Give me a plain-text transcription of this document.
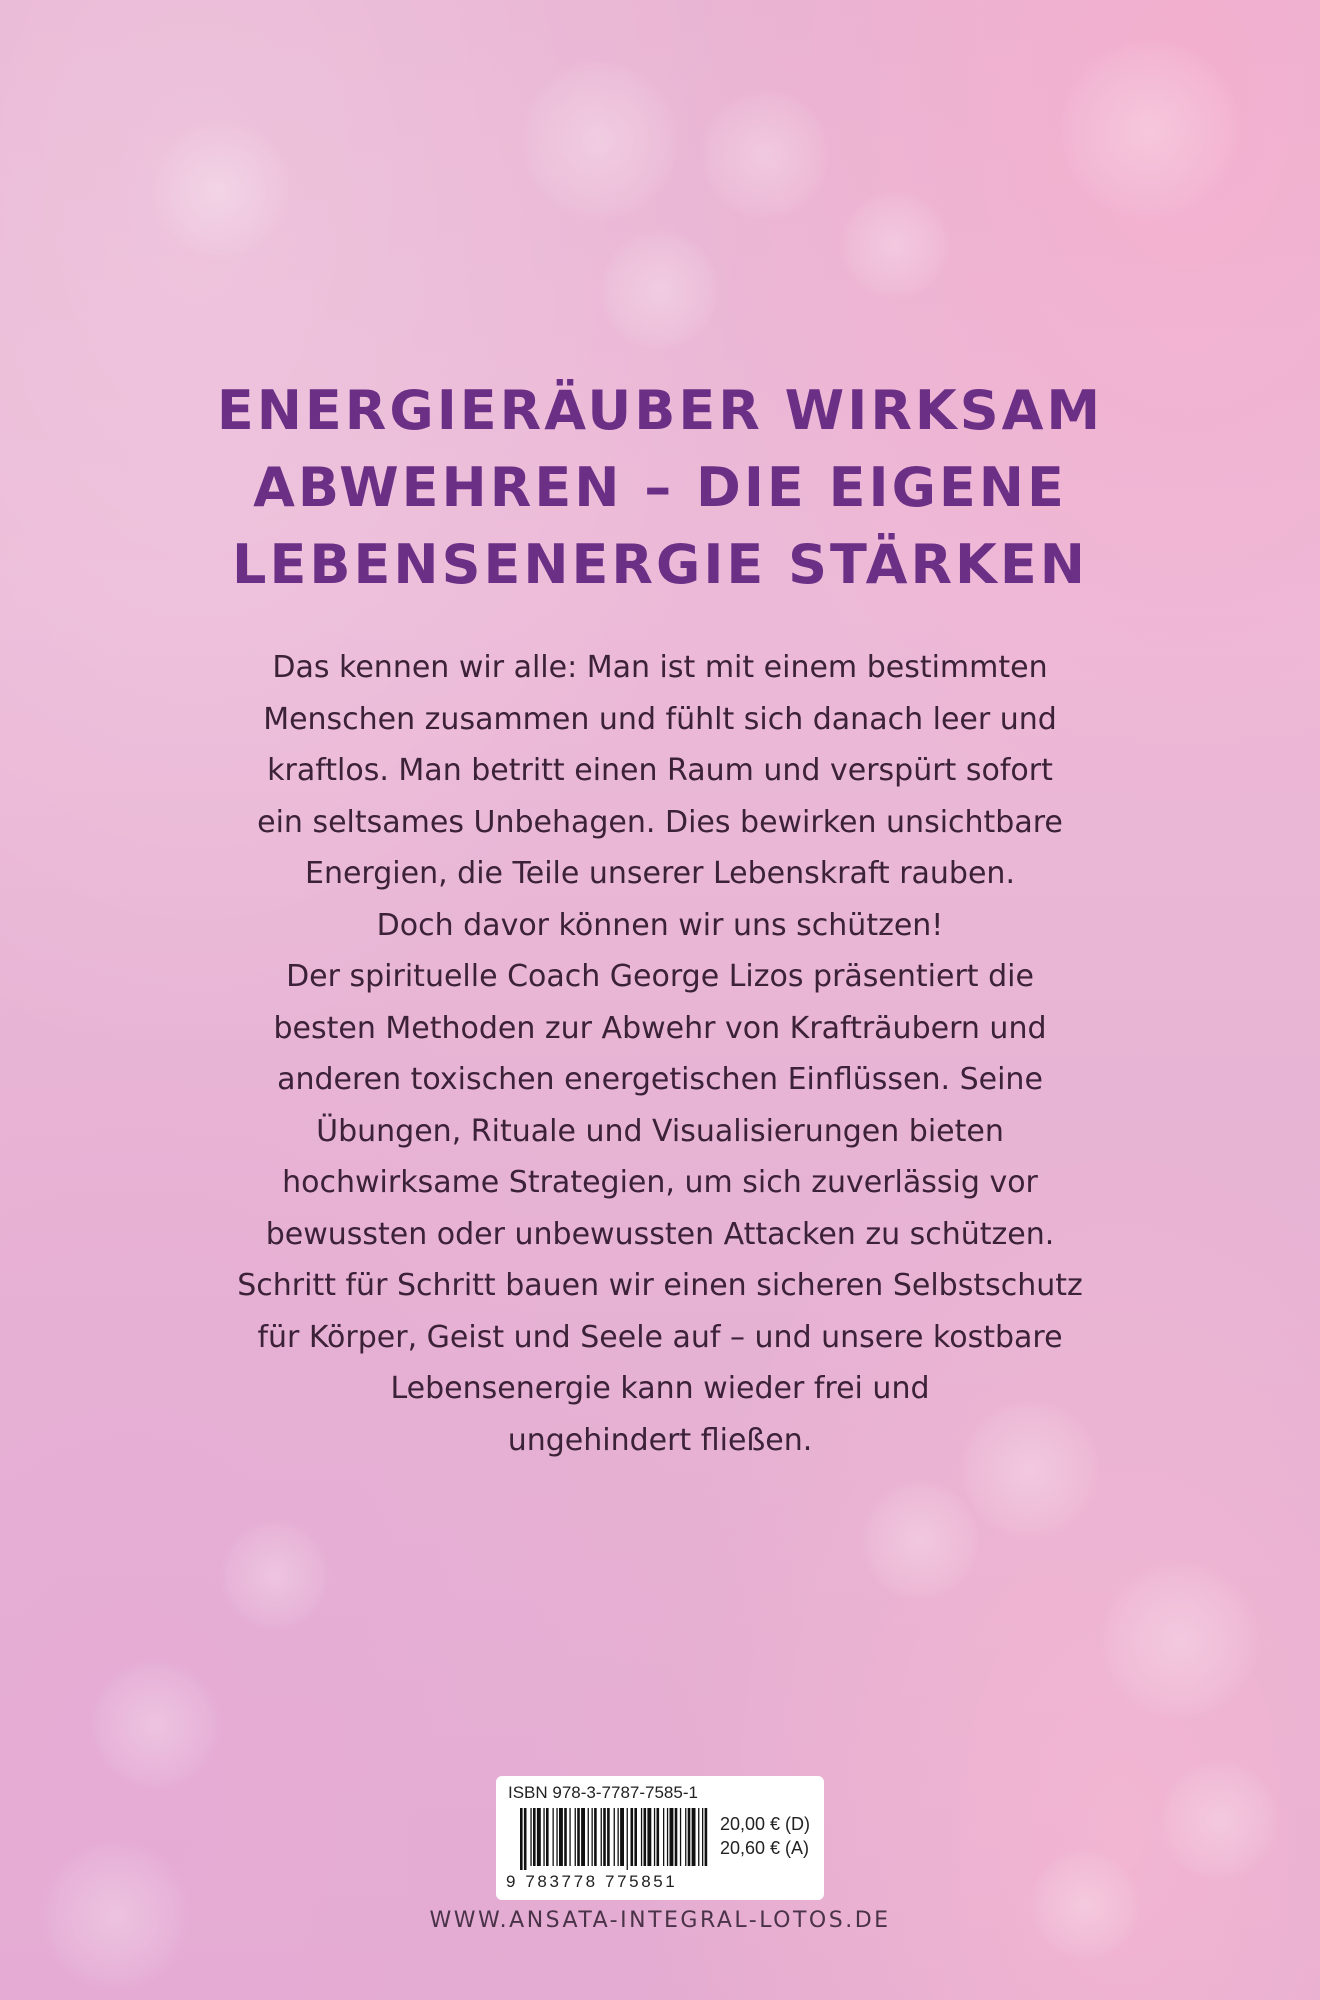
ENERGIERÄUBER WIRKSAM
ABWEHREN – DIE EIGENE
LEBENSENERGIE STÄRKEN

Das kennen wir alle: Man ist mit einem bestimmten

Menschen zusammen und fühlt sich danach leer und

kraftlos. Man betritt einen Raum und verspürt sofort

ein seltsames Unbehagen. Dies bewirken unsichtbare

Energien, die Teile unserer Lebenskraft rauben.

Doch davor können wir uns schützen!

Der spirituelle Coach George Lizos präsentiert die

besten Methoden zur Abwehr von Krafträubern und

anderen toxischen energetischen Einflüssen. Seine

Übungen, Rituale und Visualisierungen bieten

hochwirksame Strategien, um sich zuverlässig vor

bewussten oder unbewussten Attacken zu schützen.

Schritt für Schritt bauen wir einen sicheren Selbstschutz

für Körper, Geist und Seele auf – und unsere kostbare

Lebensenergie kann wieder frei und

ungehindert fließen.

ISBN 978-3-7787-7585-1
9 783778 775851
20,00 € (D)
20,60 € (A)
WWW.ANSATA-INTEGRAL-LOTOS.DE
